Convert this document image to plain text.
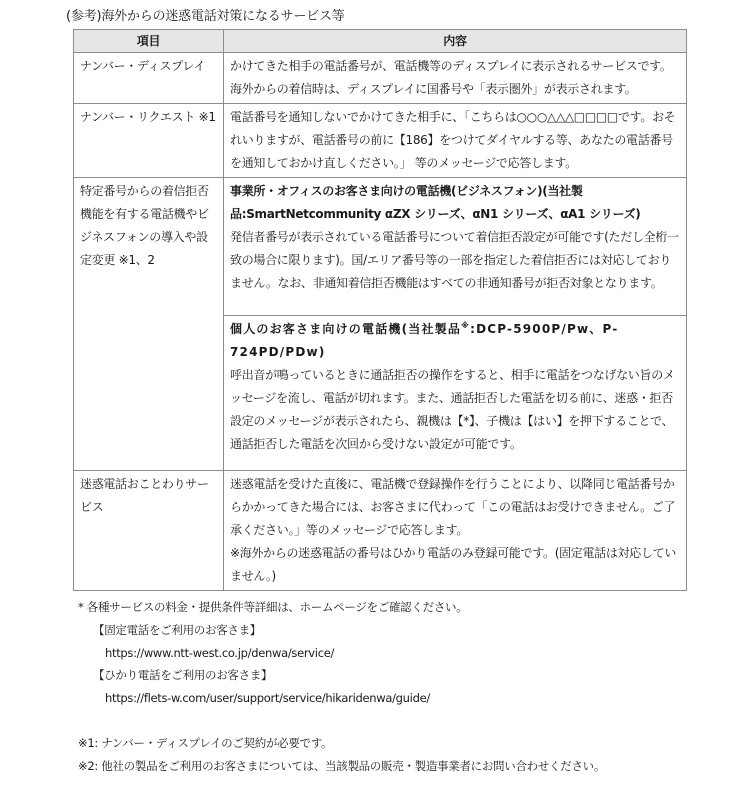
(参考)海外からの迷惑電話対策になるサービス等
項目	内容
ナンバー・ディスプレイ	かけてきた相手の電話番号が、電話機等のディスプレイに表示されるサービスです。海外からの着信時は、ディスプレイに国番号や「表示圏外」が表示されます。
ナンバー・リクエスト ※1	電話番号を通知しないでかけてきた相手に、「こちらは○○○△△△□□□□です。おそれいりますが、電話番号の前に【186】をつけてダイヤルする等、あなたの電話番号を通知しておかけ直しください。」 等のメッセージで応答します。
特定番号からの着信拒否機能を有する電話機やビジネスフォンの導入や設定変更 ※1、2	事業所・オフィスのお客さま向けの電話機(ビジネスフォン)(当社製品:SmartNetcommunity αZX シリーズ、αN1 シリーズ、αA1 シリーズ)
発信者番号が表示されている電話番号について着信拒否設定が可能です(ただし全桁一致の場合に限ります)。国/エリア番号等の一部を指定した着信拒否には対応しておりません。なお、非通知着信拒否機能はすべての非通知番号が拒否対象となります。

	個人のお客さま向けの電話機(当社製品※:DCP-5900P/Pw、P-724PD/PDw)
呼出音が鳴っているときに通話拒否の操作をすると、相手に電話をつなげない旨のメッセージを流し、電話が切れます。また、通話拒否した電話を切る前に、迷惑・拒否設定のメッセージが表示されたら、親機は【*】、子機は【はい】を押下することで、通話拒否した電話を次回から受けない設定が可能です。

迷惑電話おことわりサービス	迷惑電話を受けた直後に、電話機で登録操作を行うことにより、以降同じ電話番号からかかってきた場合には、お客さまに代わって「この電話はお受けできません。ご了承ください。」等のメッセージで応答します。
※海外からの迷惑電話の番号はひかり電話のみ登録可能です。(固定電話は対応していません。)
* 各種サービスの料金・提供条件等詳細は、ホームページをご確認ください。
【固定電話をご利用のお客さま】
https://www.ntt-west.co.jp/denwa/service/
【ひかり電話をご利用のお客さま】
https://flets-w.com/user/support/service/hikaridenwa/guide/
※1: ナンバー・ディスプレイのご契約が必要です。
※2: 他社の製品をご利用のお客さまについては、当該製品の販売・製造事業者にお問い合わせください。
